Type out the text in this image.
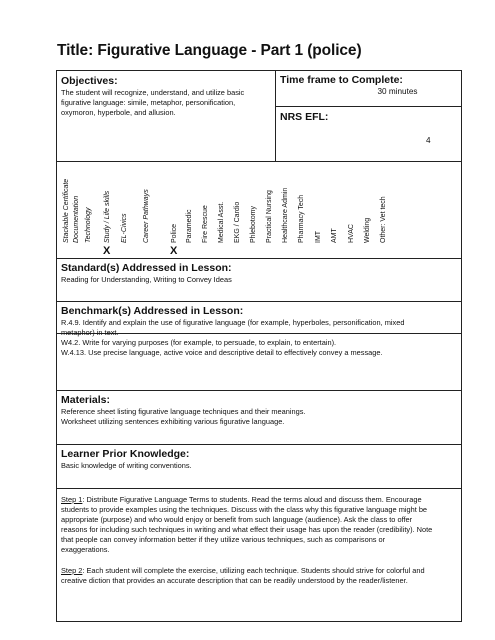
Title: Figurative Language - Part 1 (police)
Objectives:
The student will recognize, understand, and utilize basic
figurative language: simile, metaphor, personification,
oxymoron, hyperbole, and allusion.
Time frame to Complete:
30 minutes
NRS EFL:
4
Stackable Certificate Documentation Technology	Study / Life skills
X
EL-Civics	Career Pathways	Police
X
Paramedic	Fire Rescue	Medical Asst.	EKG / Cardio	Phlebotomy	Practical Nursing	Healthcare Admin	Pharmacy Tech	IMT	AMT	HVAC	Welding	Other: Vet tech
Standard(s) Addressed in Lesson:
Reading for Understanding, Writing to Convey Ideas
Benchmark(s) Addressed in Lesson:
R.4.9. Identify and explain the use of figurative language (for example, hyperboles, personification, mixed
metaphor) in text.
W4.2. Write for varying purposes (for example, to persuade, to explain, to entertain).
W.4.13. Use precise language, active voice and descriptive detail to effectively convey a message.
Materials:
Reference sheet listing figurative language techniques and their meanings.
Worksheet utilizing sentences exhibiting various figurative language.
Learner Prior Knowledge:
Basic knowledge of writing conventions.
Step 1: Distribute Figurative Language Terms to students. Read the terms aloud and discuss them. Encourage
students to provide examples using the techniques. Discuss with the class why this figurative language might be
appropriate (purpose) and who would enjoy or benefit from such language (audience). Ask the class to offer
reasons for including such techniques in writing and what effect their usage has upon the reader (credibility). Note
that people can convey information better if they utilize various techniques, such as comparisons or
exaggerations.
Step 2: Each student will complete the exercise, utilizing each technique. Students should strive for colorful and
creative diction that provides an accurate description that can be readily understood by the reader/listener.
